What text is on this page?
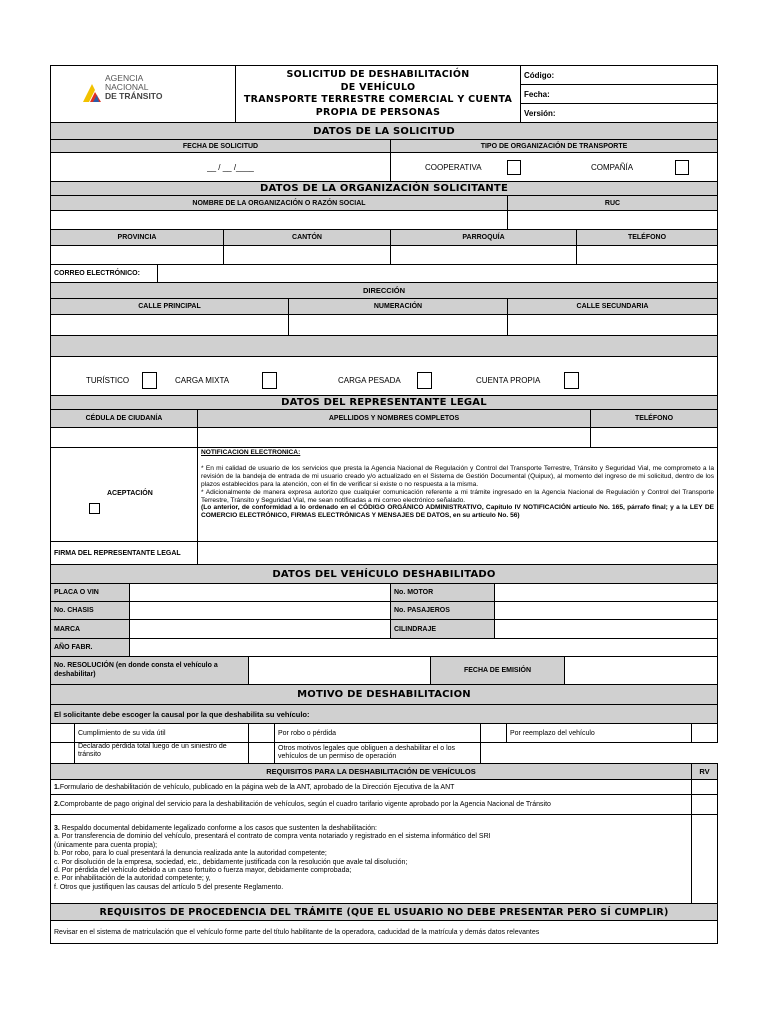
AGENCIA
NACIONAL
DE TRÁNSITO
SOLICITUD DE DESHABILITACIÓN
DE VEHÍCULO
TRANSPORTE TERRESTRE COMERCIAL Y CUENTA
PROPIA DE PERSONAS
Código:
Fecha:
Versión:
DATOS DE LA SOLICITUD
FECHA DE SOLICITUD	TIPO DE ORGANIZACIÓN DE TRANSPORTE
__ / __ /____	COOPERATIVA	COMPAÑÍA
DATOS DE LA ORGANIZACIÓN SOLICITANTE
NOMBRE DE LA ORGANIZACIÓN O RAZÓN SOCIAL	RUC
PROVINCIA	CANTÓN	PARROQUÍA	TELÉFONO
CORREO ELECTRÓNICO:
DIRECCIÓN
CALLE PRINCIPAL	NUMERACIÓN	CALLE SECUNDARIA
TURÍSTICO	CARGA MIXTA	CARGA PESADA	CUENTA PROPIA
DATOS DEL REPRESENTANTE LEGAL
CÉDULA DE CIUDANÍA	APELLIDOS Y NOMBRES COMPLETOS	TELÉFONO
ACEPTACIÓN
NOTIFICACION ELECTRONICA:
* En mi calidad de usuario de los servicios que presta la Agencia Nacional de Regulación y Control del Transporte Terrestre, Tránsito y Seguridad Vial, me comprometo a la revisión de la bandeja de entrada de mi usuario creado y/o actualizado en el Sistema de Gestión Documental (Quipux), al momento del ingreso de mi solicitud, dentro de los plazos establecidos para la atención, con el fin de verificar si existe o no respuesta a la misma.
* Adicionalmente de manera expresa autorizo que cualquier comunicación referente a mi trámite ingresado en la Agencia Nacional de Regulación y Control del Transporte Terrestre, Tránsito y Seguridad Vial, me sean notificadas a mi correo electrónico señalado.
(Lo anterior, de conformidad a lo ordenado en el CÓDIGO ORGÁNICO ADMINISTRATIVO, Capítulo IV NOTIFICACIÓN artículo No. 165, párrafo final; y a la LEY DE COMERCIO ELECTRÓNICO, FIRMAS ELECTRÓNICAS Y MENSAJES DE DATOS, en su artículo No. 56)
FIRMA DEL REPRESENTANTE LEGAL
DATOS DEL VEHÍCULO DESHABILITADO
PLACA O VIN	No. MOTOR
No. CHASIS	No. PASAJEROS
MARCA	CILINDRAJE
AÑO FABR.
No. RESOLUCIÓN (en donde consta el vehículo a deshabilitar)	FECHA DE EMISIÓN
MOTIVO DE DESHABILITACION
El solicitante debe escoger la causal por la que deshabilita su vehículo:
Cumplimiento de su vida útil	Por robo o pérdida	Por reemplazo del vehículo
Declarado pérdida total luego de un siniestro de tránsito
Otros motivos legales que obliguen a deshabilitar el o los vehículos de un permiso de operación
REQUISITOS PARA LA DESHABILITACIÓN DE VEHÍCULOS	RV
1. Formulario de deshabilitación de vehículo, publicado en la página web de la ANT, aprobado de la Dirección Ejecutiva de la ANT
2. Comprobante de pago original del servicio para la deshabilitación de vehículos, según el cuadro tarifario vigente aprobado por la Agencia Nacional de Tránsito
3. Respaldo documental debidamente legalizado conforme a los casos que sustenten la deshabilitación:
a. Por transferencia de dominio del vehículo, presentará el contrato de compra venta notariado y registrado en el sistema informático del SRI
(únicamente para cuenta propia);
b. Por robo, para lo cual presentará la denuncia realizada ante la autoridad competente;
c. Por disolución de la empresa, sociedad, etc., debidamente justificada con la resolución que avale tal disolución;
d. Por pérdida del vehículo debido a un caso fortuito o fuerza mayor, debidamente comprobada;
e. Por inhabilitación de la autoridad competente; y,
f. Otros que justifiquen las causas del artículo 5 del presente Reglamento.
REQUISITOS DE PROCEDENCIA DEL TRÁMITE (QUE EL USUARIO NO DEBE PRESENTAR PERO SÍ CUMPLIR)
Revisar en el sistema de matriculación que el vehículo forme parte del título habilitante de la operadora, caducidad de la matrícula y demás datos relevantes
